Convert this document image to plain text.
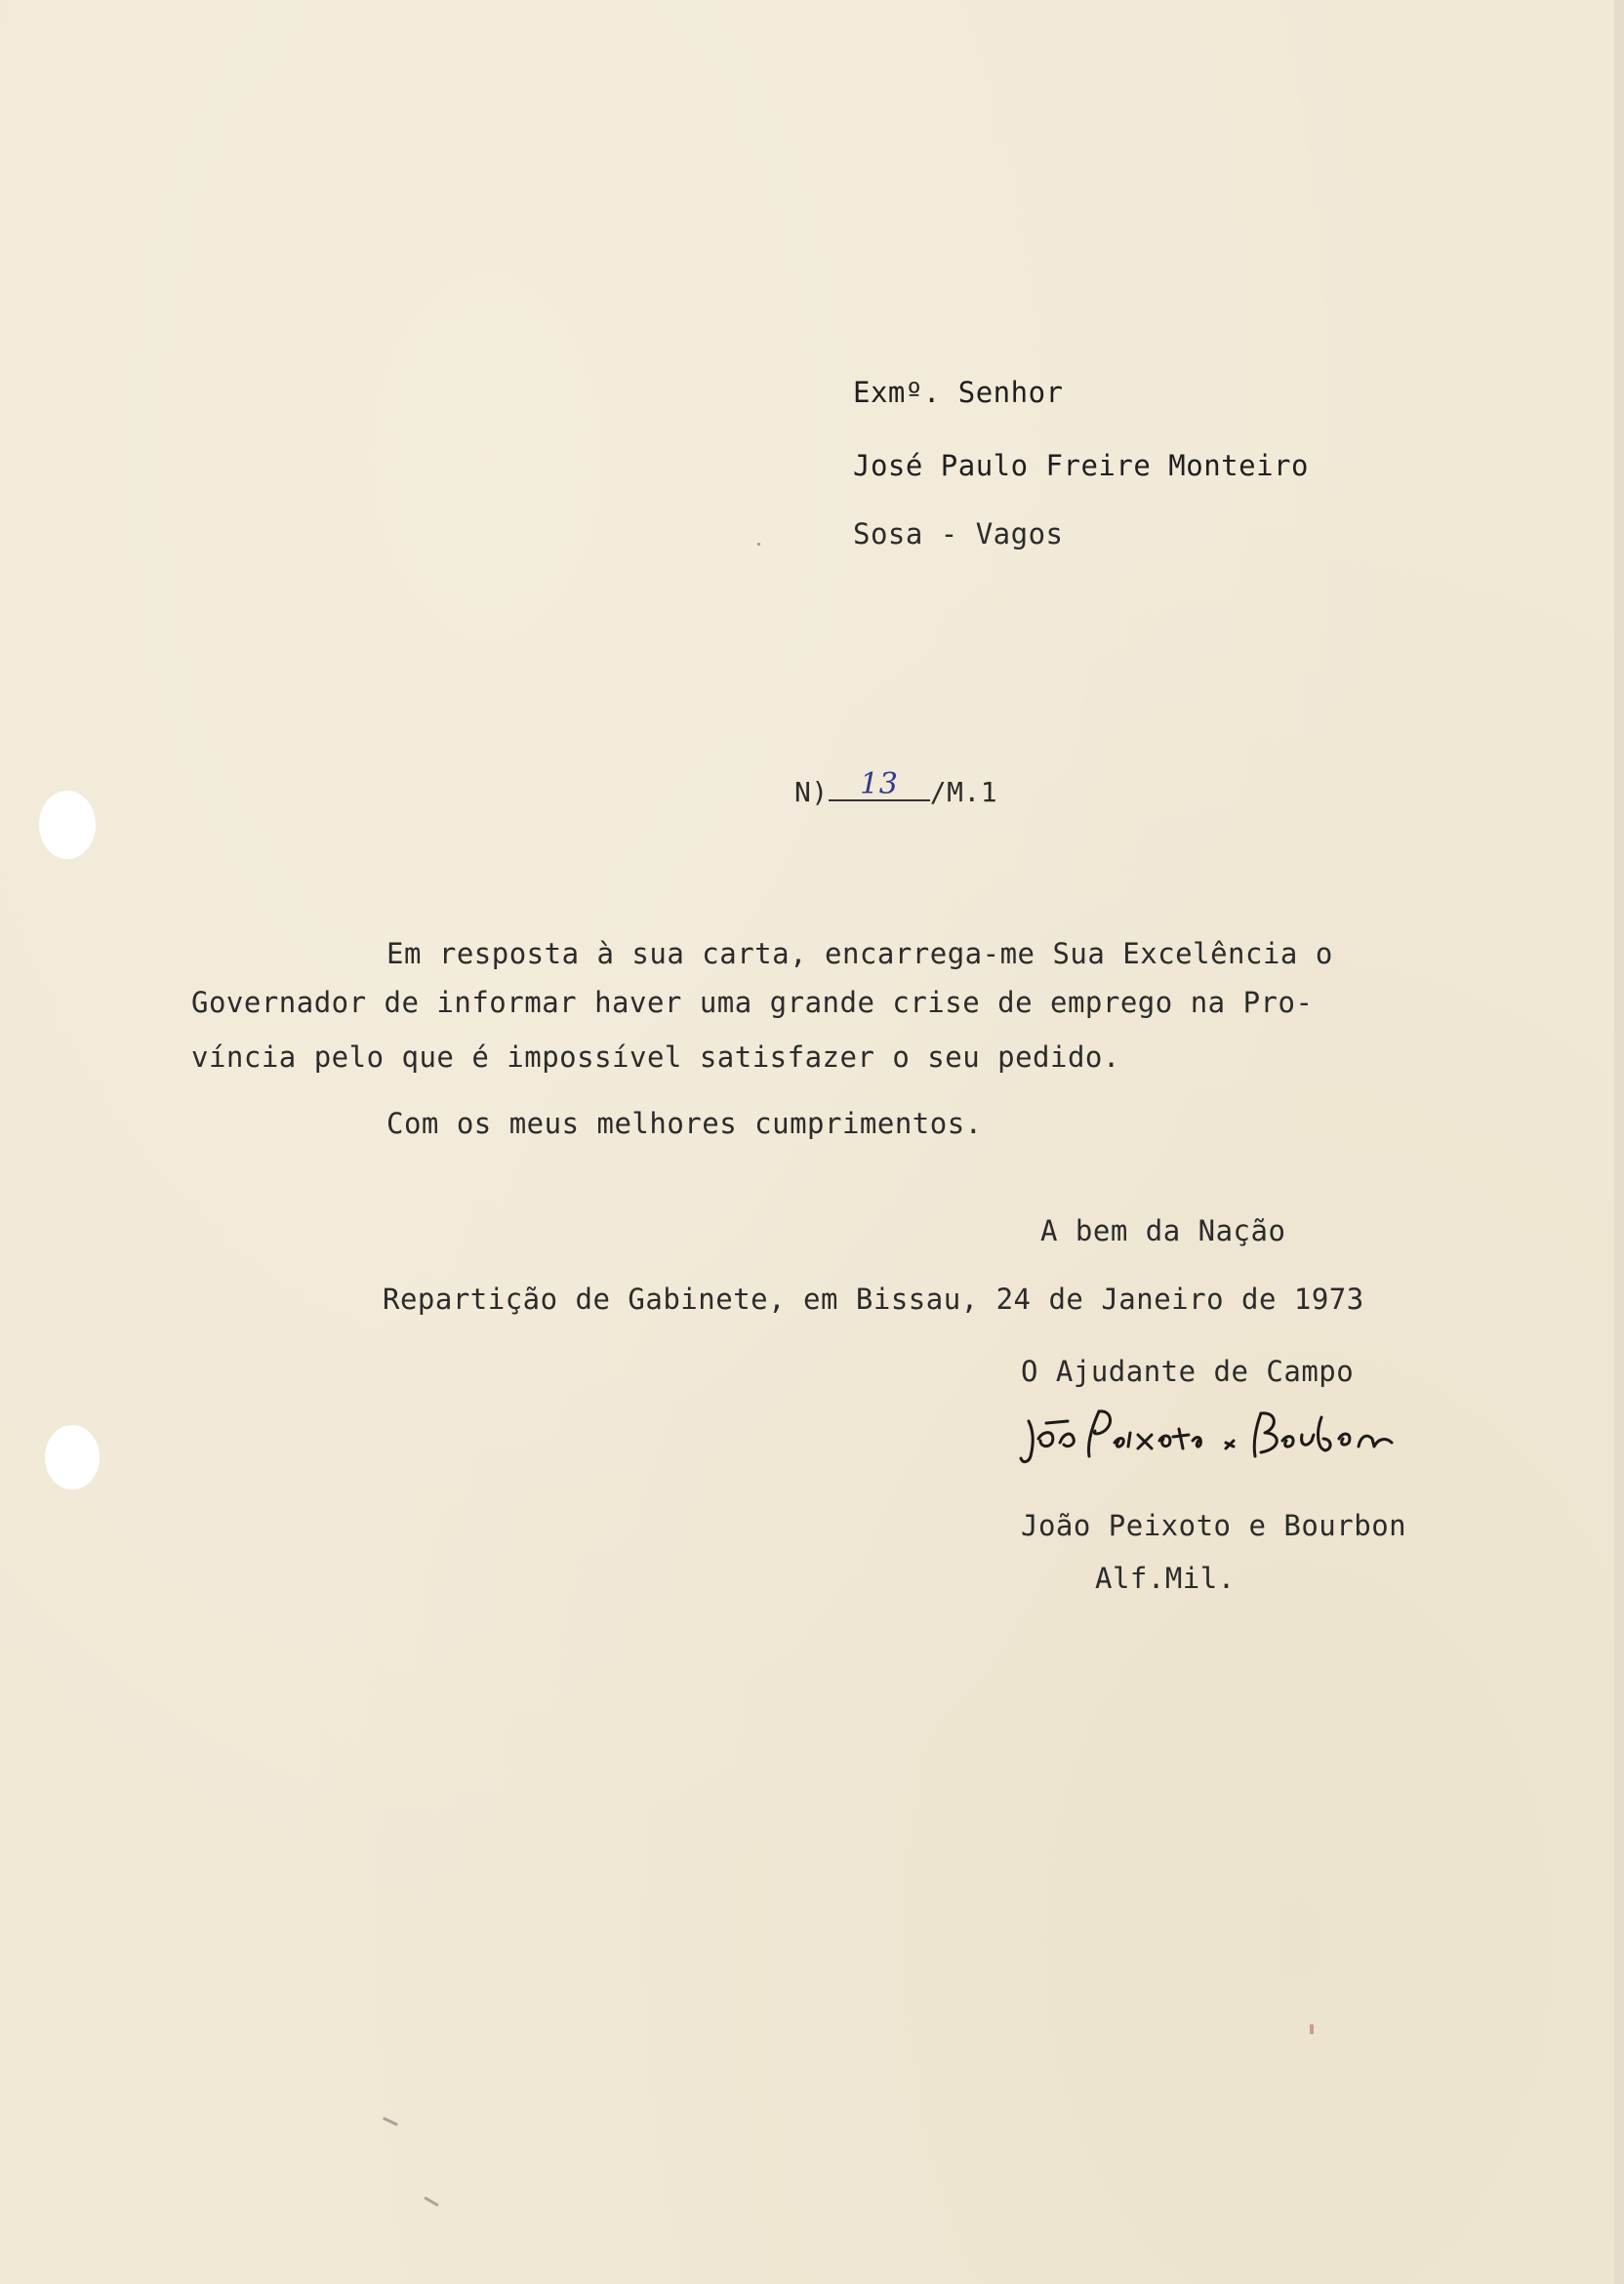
Exmº. Senhor
José Paulo Freire Monteiro
Sosa - Vagos
N) 13 /M.1
Em resposta à sua carta, encarrega-me Sua Excelência o
Governador de informar haver uma grande crise de emprego na Pro-
víncia pelo que é impossível satisfazer o seu pedido.
Com os meus melhores cumprimentos.
A bem da Nação
Repartição de Gabinete, em Bissau, 24 de Janeiro de 1973
O Ajudante de Campo
João Peixoto e Bourbon
Alf.Mil.
